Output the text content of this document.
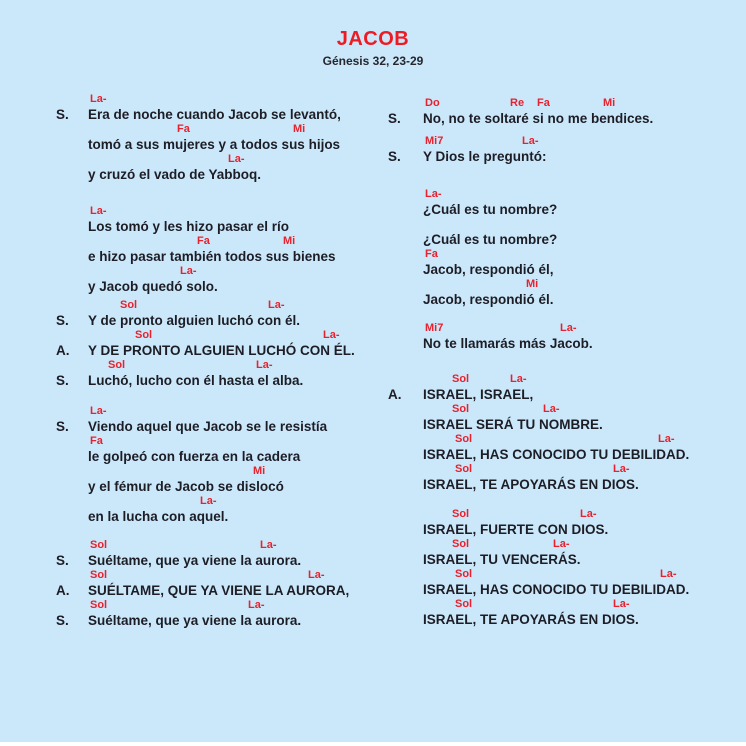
JACOB
Génesis 32, 23-29
La-
S. Era de noche cuando Jacob se levantó,
Fa	Mi
tomó a sus mujeres y a todos sus hijos
La-
y cruzó el vado de Yabboq.
La-
Los tomó y les hizo pasar el río
Fa	Mi
e hizo pasar también todos sus bienes
La-
y Jacob quedó solo.
Sol	La-
S. Y de pronto alguien luchó con él.
Sol	La-
A. Y DE PRONTO ALGUIEN LUCHÓ CON ÉL.
Sol	La-
S. Luchó, lucho con él hasta el alba.
La-
S. Viendo aquel que Jacob se le resistía
Fa
le golpeó con fuerza en la cadera
Mi
y el fémur de Jacob se dislocó
La-
en la lucha con aquel.
Sol	La-
S. Suéltame, que ya viene la aurora.
Sol	La-
A. SUÉLTAME, QUE YA VIENE LA AURORA,
Sol	La-
S. Suéltame, que ya viene la aurora.
Do	Re Fa	Mi
S. No, no te soltaré si no me bendices.
Mi7	La-
S. Y Dios le preguntó:
La-
¿Cuál es tu nombre?
¿Cuál es tu nombre?
Fa
Jacob, respondió él,
Mi
Jacob, respondió él.
Mi7	La-
No te llamarás más Jacob.
Sol	La-
A. ISRAEL, ISRAEL,
Sol	La-
ISRAEL SERÁ TU NOMBRE.
Sol	La-
ISRAEL, HAS CONOCIDO TU DEBILIDAD.
Sol	La-
ISRAEL, TE APOYARÁS EN DIOS.
Sol	La-
ISRAEL, FUERTE CON DIOS.
Sol	La-
ISRAEL, TU VENCERÁS.
Sol	La-
ISRAEL, HAS CONOCIDO TU DEBILIDAD.
Sol	La-
ISRAEL, TE APOYARÁS EN DIOS.
